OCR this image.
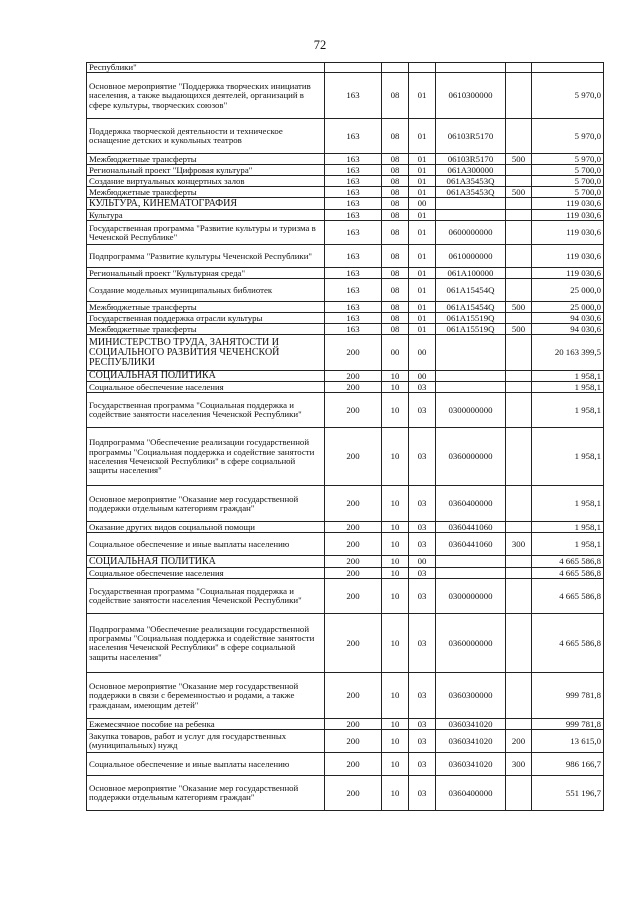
72
Республики"						
Основное мероприятие "Поддержка творческих инициатив населения, а также выдающихся деятелей, организаций в сфере культуры, творческих союзов"	163	08	01	0610300000		5 970,0
Поддержка творческой деятельности и техническое оснащение детских и кукольных театров	163	08	01	06103R5170		5 970,0
Межбюджетные трансферты	163	08	01	06103R5170	500	5 970,0
Региональный проект "Цифровая культура"	163	08	01	061A300000		5 700,0
Создание виртуальных концертных залов	163	08	01	061A35453Q		5 700,0
Межбюджетные трансферты	163	08	01	061A35453Q	500	5 700,0
КУЛЬТУРА, КИНЕМАТОГРАФИЯ	163	08	00			119 030,6
Культура	163	08	01			119 030,6
Государственная программа "Развитие культуры и туризма в Чеченской Республике"	163	08	01	0600000000		119 030,6
Подпрограмма "Развитие культуры Чеченской Республики"	163	08	01	0610000000		119 030,6
Региональный проект "Культурная среда"	163	08	01	061A100000		119 030,6
Создание модельных муниципальных библиотек	163	08	01	061A15454Q		25 000,0
Межбюджетные трансферты	163	08	01	061A15454Q	500	25 000,0
Государственная поддержка отрасли культуры	163	08	01	061A15519Q		94 030,6
Межбюджетные трансферты	163	08	01	061A15519Q	500	94 030,6
МИНИСТЕРСТВО ТРУДА, ЗАНЯТОСТИ И СОЦИАЛЬНОГО РАЗВИТИЯ ЧЕЧЕНСКОЙ РЕСПУБЛИКИ	200	00	00			20 163 399,5
СОЦИАЛЬНАЯ ПОЛИТИКА	200	10	00			1 958,1
Социальное обеспечение населения	200	10	03			1 958,1
Государственная программа "Социальная поддержка и содействие занятости населения Чеченской Республики"	200	10	03	0300000000		1 958,1
Подпрограмма "Обеспечение реализации государственной программы "Социальная поддержка и содействие занятости населения Чеченской Республики" в сфере социальной защиты населения"	200	10	03	0360000000		1 958,1
Основное мероприятие "Оказание мер государственной поддержки отдельным категориям граждан"	200	10	03	0360400000		1 958,1
Оказание других видов социальной помощи	200	10	03	0360441060		1 958,1
Социальное обеспечение и иные выплаты населению	200	10	03	0360441060	300	1 958,1
СОЦИАЛЬНАЯ ПОЛИТИКА	200	10	00			4 665 586,8
Социальное обеспечение населения	200	10	03			4 665 586,8
Государственная программа "Социальная поддержка и содействие занятости населения Чеченской Республики"	200	10	03	0300000000		4 665 586,8
Подпрограмма "Обеспечение реализации государственной программы "Социальная поддержка и содействие занятости населения Чеченской Республики" в сфере социальной защиты населения"	200	10	03	0360000000		4 665 586,8
Основное мероприятие "Оказание мер государственной поддержки в связи с беременностью и родами, а также гражданам, имеющим детей"	200	10	03	0360300000		999 781,8
Ежемесячное пособие на ребенка	200	10	03	0360341020		999 781,8
Закупка товаров, работ и услуг для государственных (муниципальных) нужд	200	10	03	0360341020	200	13 615,0
Социальное обеспечение и иные выплаты населению	200	10	03	0360341020	300	986 166,7
Основное мероприятие "Оказание мер государственной поддержки отдельным категориям граждан"	200	10	03	0360400000		551 196,7
